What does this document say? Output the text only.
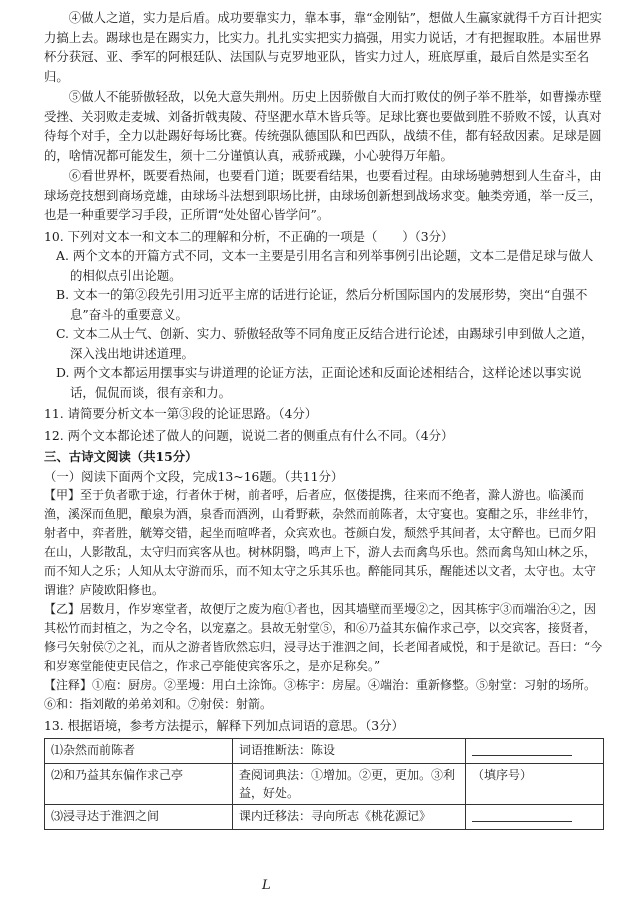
④做人之道，实力是后盾。成功要靠实力，靠本事，靠“金刚钻”，想做人生赢家就得千方百计把实力搞上去。踢球也是在踢实力，比实力。扎扎实实把实力搞强，用实力说话，才有把握取胜。本届世界杯分获冠、亚、季军的阿根廷队、法国队与克罗地亚队，皆实力过人，班底厚重，最后自然是实至名归。

⑤做人不能骄傲轻敌，以免大意失荆州。历史上因骄傲自大而打败仗的例子举不胜举，如曹操赤壁受挫、关羽败走麦城、刘备折戟夷陵、苻坚淝水草木皆兵等。足球比赛也要做到胜不骄败不馁，认真对待每个对手，全力以赴踢好每场比赛。传统强队德国队和巴西队，战绩不佳，都有轻敌因素。足球是圆的，啥情况都可能发生，须十二分谨慎认真，戒骄戒躁，小心驶得万年船。

⑥看世界杯，既要看热闹，也要看门道；既要看结果，也要看过程。由球场驰骋想到人生奋斗，由球场竞技想到商场竞雄，由球场斗法想到职场比拼，由球场创新想到战场求变。触类旁通，举一反三，也是一种重要学习手段，正所谓“处处留心皆学问”。

10. 下列对文本一和文本二的理解和分析，不正确的一项是（　　）（3分）

A. 两个文本的开篇方式不同，文本一主要是引用名言和列举事例引出论题，文本二是借足球与做人的相似点引出论题。

B. 文本一的第②段先引用习近平主席的话进行论证，然后分析国际国内的发展形势，突出“自强不息”奋斗的重要意义。

C. 文本二从士气、创新、实力、骄傲轻敌等不同角度正反结合进行论述，由踢球引申到做人之道，深入浅出地讲述道理。

D. 两个文本都运用摆事实与讲道理的论证方法，正面论述和反面论述相结合，这样论述以事实说话，侃侃而谈，很有亲和力。

11. 请简要分析文本一第③段的论证思路。（4分）

12. 两个文本都论述了做人的问题，说说二者的侧重点有什么不同。（4分）

三、古诗文阅读（共15分）

（一）阅读下面两个文段，完成13~16题。（共11分）

【甲】至于负者歌于途，行者休于树，前者呼，后者应，伛偻提携，往来而不绝者，滁人游也。临溪而渔，溪深而鱼肥，酿泉为酒，泉香而酒洌，山肴野蔌，杂然而前陈者，太守宴也。宴酣之乐，非丝非竹，射者中，弈者胜，觥筹交错，起坐而喧哗者，众宾欢也。苍颜白发，颓然乎其间者，太守醉也。已而夕阳在山，人影散乱，太守归而宾客从也。树林阴翳，鸣声上下，游人去而禽鸟乐也。然而禽鸟知山林之乐，而不知人之乐；人知从太守游而乐，而不知太守之乐其乐也。醉能同其乐，醒能述以文者，太守也。太守谓谁？庐陵欧阳修也。

【乙】居数月，作岁寒堂者，故便厅之废为庖①者也，因其墙壁而垩墁②之，因其栋宇③而端治④之，因其松竹而封植之，为之令名，以宠嘉之。县故无射堂⑤，和⑥乃益其东偏作求己亭，以交宾客，接贤者，修弓矢射侯⑦之礼，而从之游者皆欣然忘归，浸寻达于淮泗之间，长老闻者咸悦，和于是欲记。吾曰：“今和岁寒堂能使吏民信之，作求己亭能使宾客乐之，是亦足称矣。”

【注释】①庖：厨房。②垩墁：用白土涂饰。③栋宇：房屋。④端治：重新修整。⑤射堂：习射的场所。⑥和：指刘敞的弟弟刘和。⑦射侯：射箭。

13. 根据语境，参考方法提示，解释下列加点词语的意思。（3分）

⑴杂然而前陈者	词语推断法：陈设	
⑵和乃益其东偏作求己亭	查阅词典法：①增加。②更，更加。③利益，好处。	（填序号）
⑶浸寻达于淮泗之间	课内迁移法：寻向所志《桃花源记》	
L
